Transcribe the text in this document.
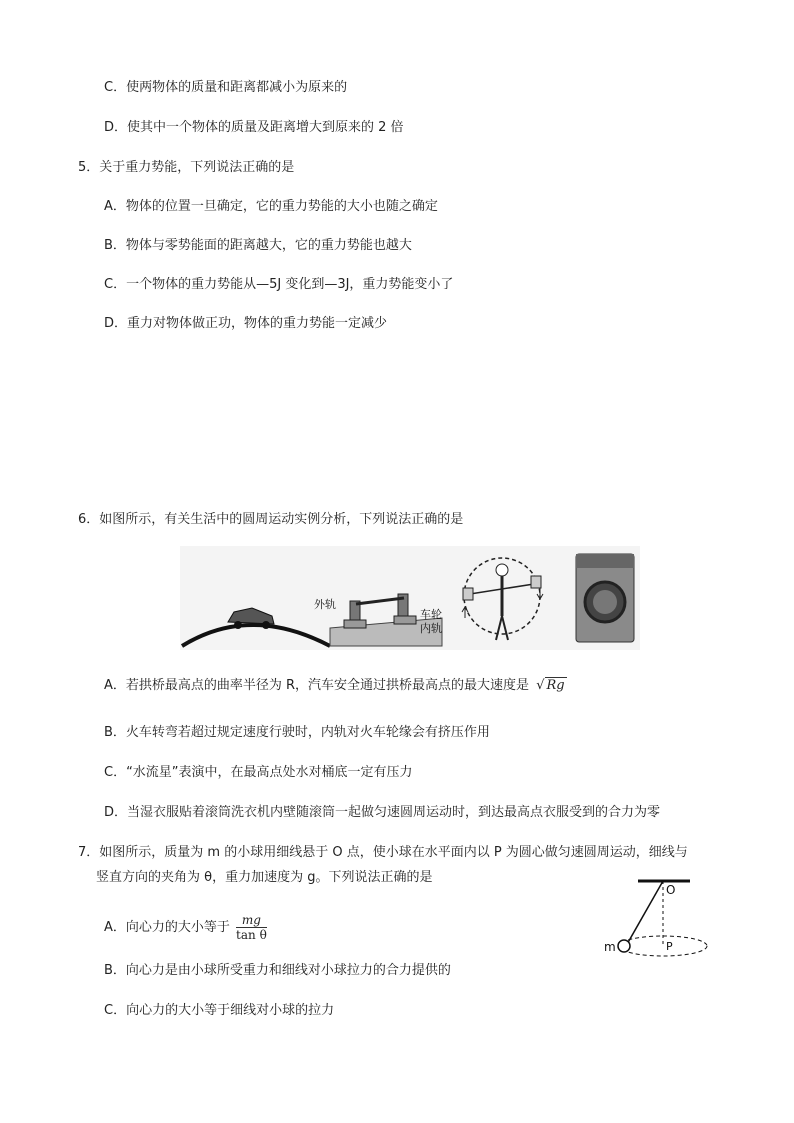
C．使两物体的质量和距离都减小为原来的
D．使其中一个物体的质量及距离增大到原来的 2 倍
5．关于重力势能，下列说法正确的是
A．物体的位置一旦确定，它的重力势能的大小也随之确定
B．物体与零势能面的距离越大，它的重力势能也越大
C．一个物体的重力势能从—5J 变化到—3J，重力势能变小了
D．重力对物体做正功，物体的重力势能一定减少
6．如图所示，有关生活中的圆周运动实例分析，下列说法正确的是
外轨
车轮
内轨
A．若拱桥最高点的曲率半径为 R，汽车安全通过拱桥最高点的最大速度是 √ Rg
B．火车转弯若超过规定速度行驶时，内轨对火车轮缘会有挤压作用
C．“水流星”表演中，在最高点处水对桶底一定有压力
D．当湿衣服贴着滚筒洗衣机内壁随滚筒一起做匀速圆周运动时，到达最高点衣服受到的合力为零
7．如图所示，质量为 m 的小球用细线悬于 O 点，使小球在水平面内以 P 为圆心做匀速圆周运动，细线与
竖直方向的夹角为 θ，重力加速度为 g。下列说法正确的是
O
m	P
A．向心力的大小等于 $\frac{mg}{\text{tan θ}}$
B．向心力是由小球所受重力和细线对小球拉力的合力提供的
C．向心力的大小等于细线对小球的拉力
